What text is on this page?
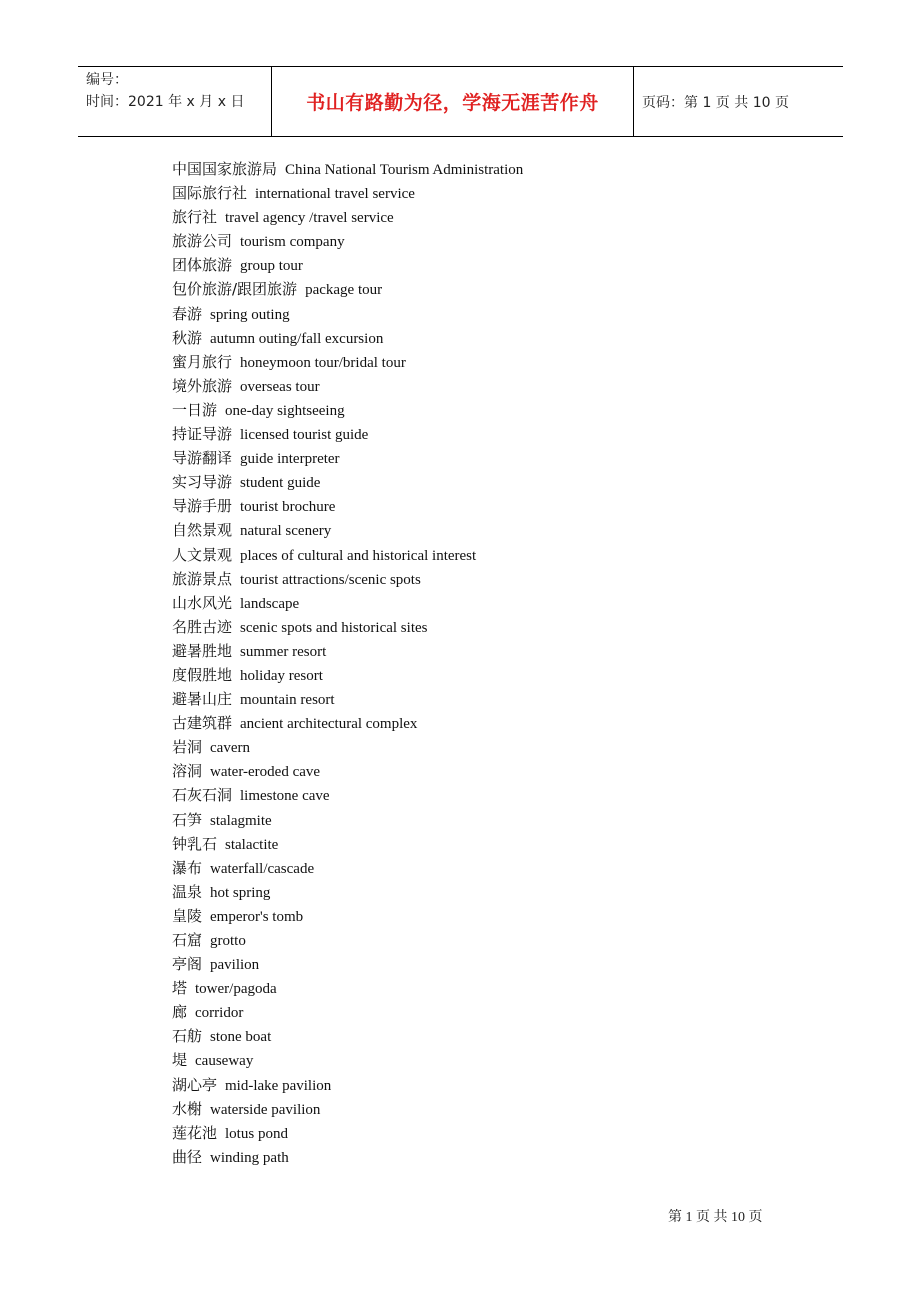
编号：
时间：2021 年 x 月 x 日	书山有路勤为径，学海无涯苦作舟	页码：第 1 页 共 10 页
中国国家旅游局 China National Tourism Administration
国际旅行社 international travel service
旅行社 travel agency /travel service
旅游公司 tourism company
团体旅游 group tour
包价旅游/跟团旅游 package tour
春游 spring outing
秋游 autumn outing/fall excursion
蜜月旅行 honeymoon tour/bridal tour
境外旅游 overseas tour
一日游 one-day sightseeing
持证导游 licensed tourist guide
导游翻译 guide interpreter
实习导游 student guide
导游手册 tourist brochure
自然景观 natural scenery
人文景观 places of cultural and historical interest
旅游景点 tourist attractions/scenic spots
山水风光 landscape
名胜古迹 scenic spots and historical sites
避暑胜地 summer resort
度假胜地 holiday resort
避暑山庄 mountain resort
古建筑群 ancient architectural complex
岩洞 cavern
溶洞 water-eroded cave
石灰石洞 limestone cave
石笋 stalagmite
钟乳石 stalactite
瀑布 waterfall/cascade
温泉 hot spring
皇陵 emperor's tomb
石窟 grotto
亭阁 pavilion
塔 tower/pagoda
廊 corridor
石舫 stone boat
堤 causeway
湖心亭 mid-lake pavilion
水榭 waterside pavilion
莲花池 lotus pond
曲径 winding path
第 1 页 共 10 页
